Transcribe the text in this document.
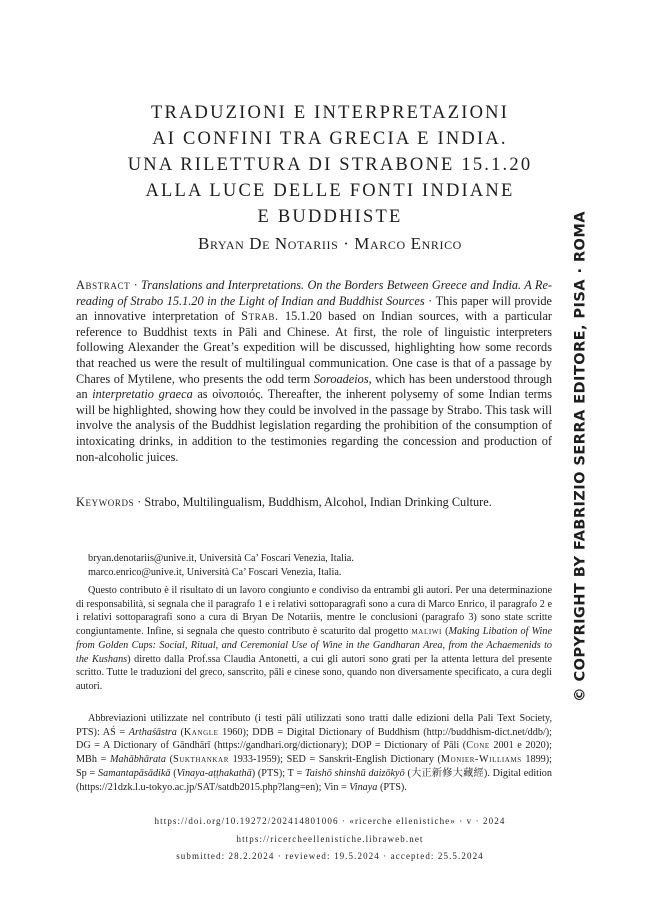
TRADUZIONI E INTERPRETAZIONI
AI CONFINI TRA GRECIA E INDIA.
UNA RILETTURA DI STRABONE 15.1.20
ALLA LUCE DELLE FONTI INDIANE
E BUDDHISTE
Bryan De Notariis · Marco Enrico

Abstract · Translations and Interpretations. On the Borders Between Greece and India. A Re-reading of Strabo 15.1.20 in the Light of Indian and Buddhist Sources · This paper will provide an innovative interpretation of Strab. 15.1.20 based on Indian sources, with a particular reference to Buddhist texts in Pāli and Chinese. At first, the role of linguistic interpreters following Alexander the Great’s expedition will be discussed, highlighting how some records that reached us were the result of multilingual communication. One case is that of a passage by Chares of Mytilene, who presents the odd term Soroadeios, which has been understood through an interpretatio graeca as οἰνοποιός. Thereafter, the inherent polysemy of some Indian terms will be highlighted, showing how they could be involved in the passage by Strabo. This task will involve the analysis of the Buddhist legislation regarding the prohibition of the consumption of intoxicating drinks, in addition to the testimonies regarding the concession and production of non-alcoholic juices.

Keywords · Strabo, Multilingualism, Buddhism, Alcohol, Indian Drinking Culture.

bryan.denotariis@unive.it, Università Ca’ Foscari Venezia, Italia.
marco.enrico@unive.it, Università Ca’ Foscari Venezia, Italia.

Questo contributo è il risultato di un lavoro congiunto e condiviso da entrambi gli autori. Per una determinazione di responsabilità, si segnala che il paragrafo 1 e i relativi sottoparagrafi sono a cura di Marco Enrico, il paragrafo 2 e i relativi sottoparagrafi sono a cura di Bryan De Notariis, mentre le conclusioni (paragrafo 3) sono state scritte congiuntamente. Infine, si segnala che questo contributo è scaturito dal progetto maliwi (Making Libation of Wine from Golden Cups: Social, Ritual, and Ceremonial Use of Wine in the Gandharan Area, from the Achaemenids to the Kushans) diretto dalla Prof.ssa Claudia Antonetti, a cui gli autori sono grati per la attenta lettura del presente scritto. Tutte le traduzioni del greco, sanscrito, pāli e cinese sono, quando non diversamente specificato, a cura degli autori.

Abbreviazioni utilizzate nel contributo (i testi pāli utilizzati sono tratti dalle edizioni della Pali Text Society, PTS): AŚ = Arthaśāstra (Kangle 1960); DDB = Digital Dictionary of Buddhism (http://buddhism-dict.net/ddb/); DG = A Dictionary of Gāndhārī (https://gandhari.org/dictionary); DOP = Dictionary of Pāli (Cone 2001 e 2020); MBh = Mahābhārata (Sukthankar 1933-1959); SED = Sanskrit-English Dictionary (Monier-Williams 1899); Sp = Samantapāsādikā (Vinaya-aṭṭhakathā) (PTS); T = Taishō shinshū daizōkyō (大正新修大藏經). Digital edition (https://21dzk.l.u-tokyo.ac.jp/SAT/satdb2015.php?lang=en); Vin = Vinaya (PTS).

https://doi.org/10.19272/202414801006 · «ricerche ellenistiche» · v · 2024
https://ricercheellenistiche.libraweb.net
submitted: 28.2.2024 · reviewed: 19.5.2024 · accepted: 25.5.2024
© COPYRIGHT BY FABRIZIO SERRA EDITORE, PISA · ROMA
